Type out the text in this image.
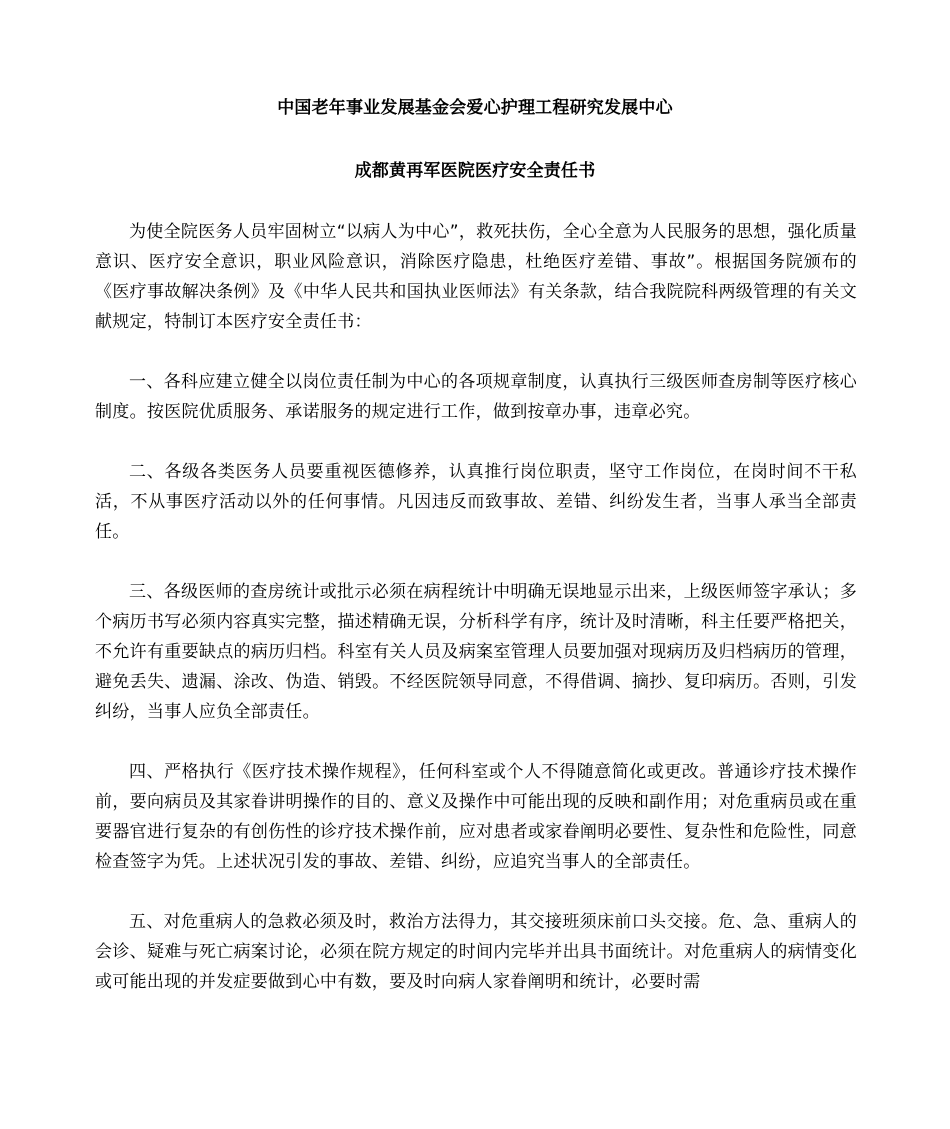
中国老年事业发展基金会爱心护理工程研究发展中心
成都黄再军医院医疗安全责任书

为使全院医务人员牢固树立“以病人为中心”，救死扶伤，全心全意为人民服务的思想，强化质量意识、医疗安全意识，职业风险意识，消除医疗隐患，杜绝医疗差错、事故”。根据国务院颁布的《医疗事故解决条例》及《中华人民共和国执业医师法》有关条款，结合我院院科两级管理的有关文献规定，特制订本医疗安全责任书：

一、各科应建立健全以岗位责任制为中心的各项规章制度，认真执行三级医师查房制等医疗核心制度。按医院优质服务、承诺服务的规定进行工作，做到按章办事，违章必究。

二、各级各类医务人员要重视医德修养，认真推行岗位职责，坚守工作岗位，在岗时间不干私活，不从事医疗活动以外的任何事情。凡因违反而致事故、差错、纠纷发生者，当事人承当全部责任。

三、各级医师的查房统计或批示必须在病程统计中明确无误地显示出来，上级医师签字承认；多个病历书写必须内容真实完整，描述精确无误，分析科学有序，统计及时清晰，科主任要严格把关，不允许有重要缺点的病历归档。科室有关人员及病案室管理人员要加强对现病历及归档病历的管理，避免丢失、遗漏、涂改、伪造、销毁。不经医院领导同意，不得借调、摘抄、复印病历。否则，引发纠纷，当事人应负全部责任。

四、严格执行《医疗技术操作规程》，任何科室或个人不得随意简化或更改。普通诊疗技术操作前，要向病员及其家眷讲明操作的目的、意义及操作中可能出现的反映和副作用；对危重病员或在重要器官进行复杂的有创伤性的诊疗技术操作前，应对患者或家眷阐明必要性、复杂性和危险性，同意检查签字为凭。上述状况引发的事故、差错、纠纷，应追究当事人的全部责任。

五、对危重病人的急救必须及时，救治方法得力，其交接班须床前口头交接。危、急、重病人的会诊、疑难与死亡病案讨论，必须在院方规定的时间内完毕并出具书面统计。对危重病人的病情变化或可能出现的并发症要做到心中有数，要及时向病人家眷阐明和统计，必要时需
